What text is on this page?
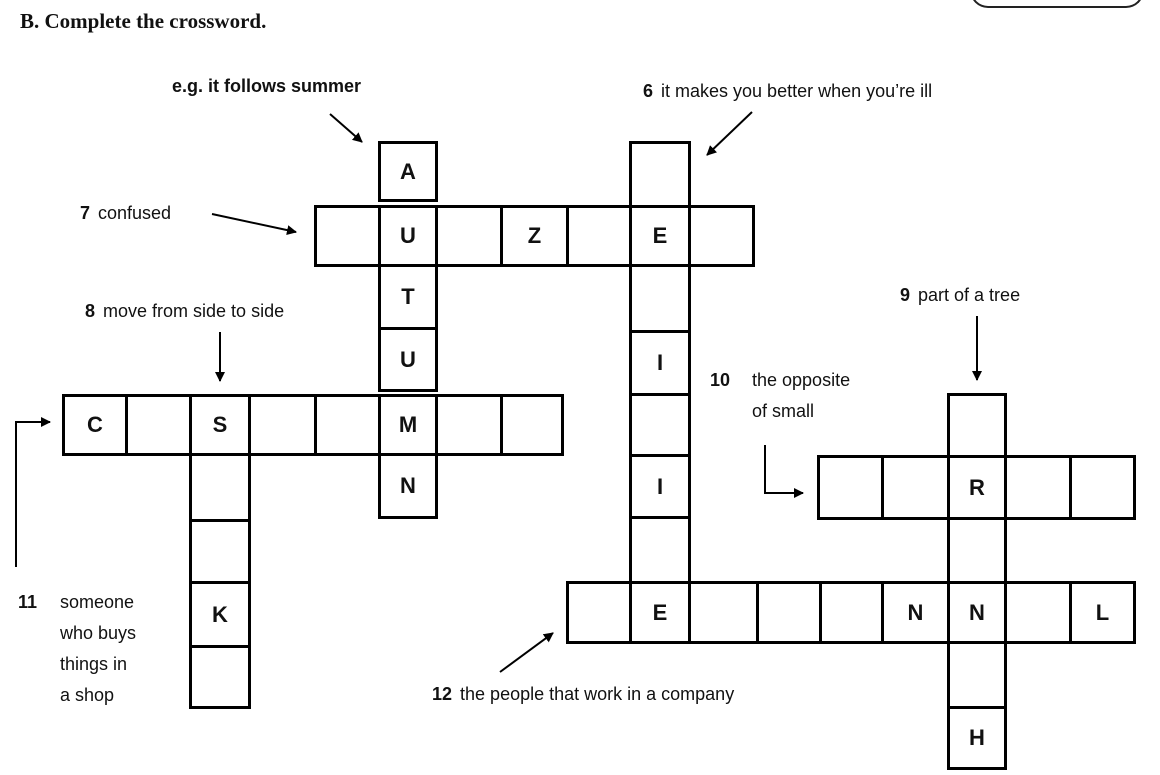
B. Complete the crossword.
e.g. it follows summer	6 it makes you better when you’re ill
7 confused
8 move from side to side
9 part of a tree
10 the opposite
of small
11 someone
who buys
things in
a shop	12 the people that work in a company
A
T
U
N
I
I
U	Z	E
C	S	M
K
H
R
E	N	N	L
